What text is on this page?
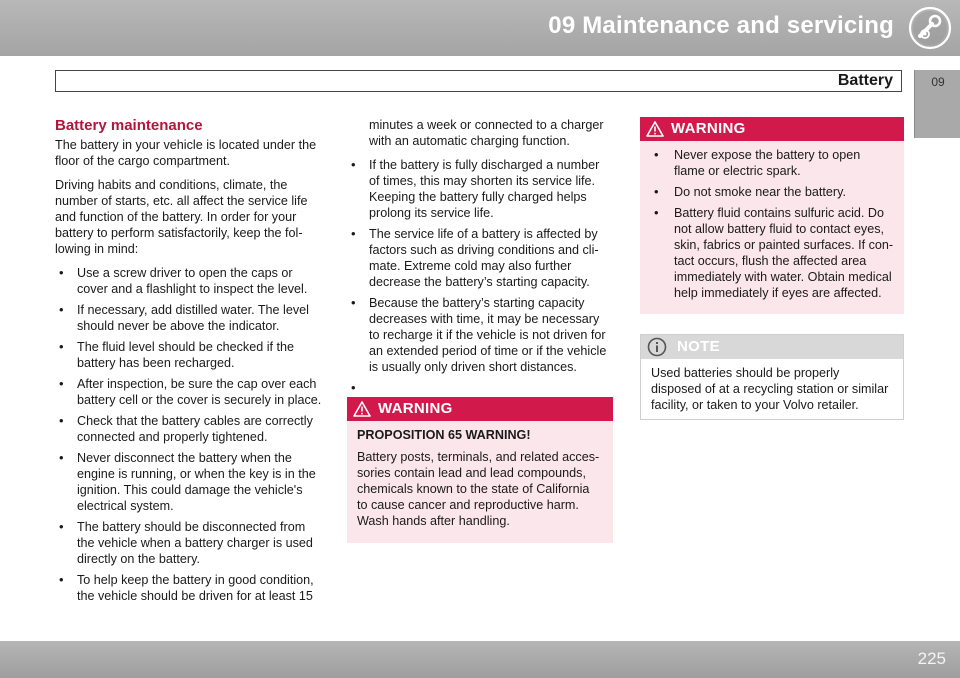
09 Maintenance and servicing
Battery	09
Battery maintenance

The battery in your vehicle is located under the floor of the cargo compartment.

Driving habits and conditions, climate, the number of starts, etc. all affect the service life and function of the battery. In order for your battery to perform satisfactorily, keep the fol-lowing in mind:

• Use a screw driver to open the caps or cover and a flashlight to inspect the level.
• If necessary, add distilled water. The level should never be above the indicator.
• The fluid level should be checked if the battery has been recharged.
• After inspection, be sure the cap over each battery cell or the cover is securely in place.
• Check that the battery cables are correctly connected and properly tightened.
• Never disconnect the battery when the engine is running, or when the key is in the ignition. This could damage the vehicle's electrical system.
• The battery should be disconnected from the vehicle when a battery charger is used directly on the battery.
• To help keep the battery in good condition, the vehicle should be driven for at least 15

minutes a week or connected to a charger with an automatic charging function.

• If the battery is fully discharged a number of times, this may shorten its service life. Keeping the battery fully charged helps prolong its service life.
• The service life of a battery is affected by factors such as driving conditions and cli-mate. Extreme cold may also further decrease the battery’s starting capacity.
• Because the battery’s starting capacity decreases with time, it may be necessary to recharge it if the vehicle is not driven for an extended period of time or if the vehicle is usually only driven short distances.
WARNING

PROPOSITION 65 WARNING!

Battery posts, terminals, and related acces-sories contain lead and lead compounds, chemicals known to the state of California to cause cancer and reproductive harm. Wash hands after handling.

WARNING
• Never expose the battery to open flame or electric spark.
• Do not smoke near the battery.
• Battery fluid contains sulfuric acid. Do not allow battery fluid to contact eyes, skin, fabrics or painted surfaces. If con-tact occurs, flush the affected area immediately with water. Obtain medical help immediately if eyes are affected.
NOTE
Used batteries should be properly disposed of at a recycling station or similar facility, or taken to your Volvo retailer.
225
